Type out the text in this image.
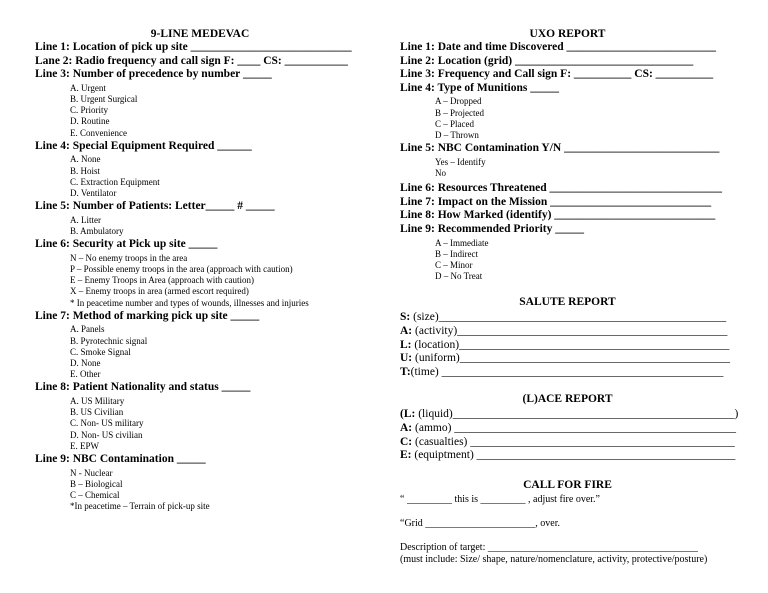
9-LINE MEDEVAC
Line 1: Location of pick up site ____________________________
Lane 2: Radio frequency and call sign F: ____ CS: ___________
Line 3: Number of precedence by number _____
A. Urgent
B. Urgent Surgical
C. Priority
D. Routine
E. Convenience
Line 4: Special Equipment Required ______
A. None
B. Hoist
C. Extraction Equipment
D. Ventilator
Line 5: Number of Patients: Letter_____ # _____
A. Litter
B. Ambulatory
Line 6: Security at Pick up site _____
N – No enemy troops in the area
P – Possible enemy troops in the area (approach with caution)
E – Enemy Troops in Area (approach with caution)
X – Enemy troops in area (armed escort required)
* In peacetime number and types of wounds, illnesses and injuries
Line 7: Method of marking pick up site _____
A. Panels
B. Pyrotechnic signal
C. Smoke Signal
D. None
E. Other
Line 8: Patient Nationality and status _____
A. US Military
B. US Civilian
C. Non- US military
D. Non- US civilian
E. EPW
Line 9: NBC Contamination _____
N - Nuclear
B – Biological
C – Chemical
*In peacetime – Terrain of pick-up site
UXO REPORT
Line 1: Date and time Discovered __________________________
Line 2: Location (grid) _______________________________
Line 3: Frequency and Call sign F: __________ CS: __________
Line 4: Type of Munitions _____
A – Dropped
B – Projected
C – Placed
D – Thrown
Line 5: NBC Contamination Y/N ___________________________
Yes – Identify
No
Line 6: Resources Threatened ______________________________
Line 7: Impact on the Mission ____________________________
Line 8: How Marked (identify) ____________________________
Line 9: Recommended Priority _____
A – Immediate
B – Indirect
C – Minor
D – No Treat
SALUTE REPORT
S: (size)__________________________________________________
A: (activity)_______________________________________________
L: (location)_______________________________________________
U: (uniform)_______________________________________________
T:(time) _________________________________________________
(L)ACE REPORT
(L: (liquid)_________________________________________________)
A: (ammo) _________________________________________________
C: (casualties) ______________________________________________
E: (equiptment) _____________________________________________
CALL FOR FIRE
“ _________ this is _________ , adjust fire over.”
“Grid ______________________, over.
Description of target: __________________________________________
(must include: Size/ shape, nature/nomenclature, activity, protective/posture)
